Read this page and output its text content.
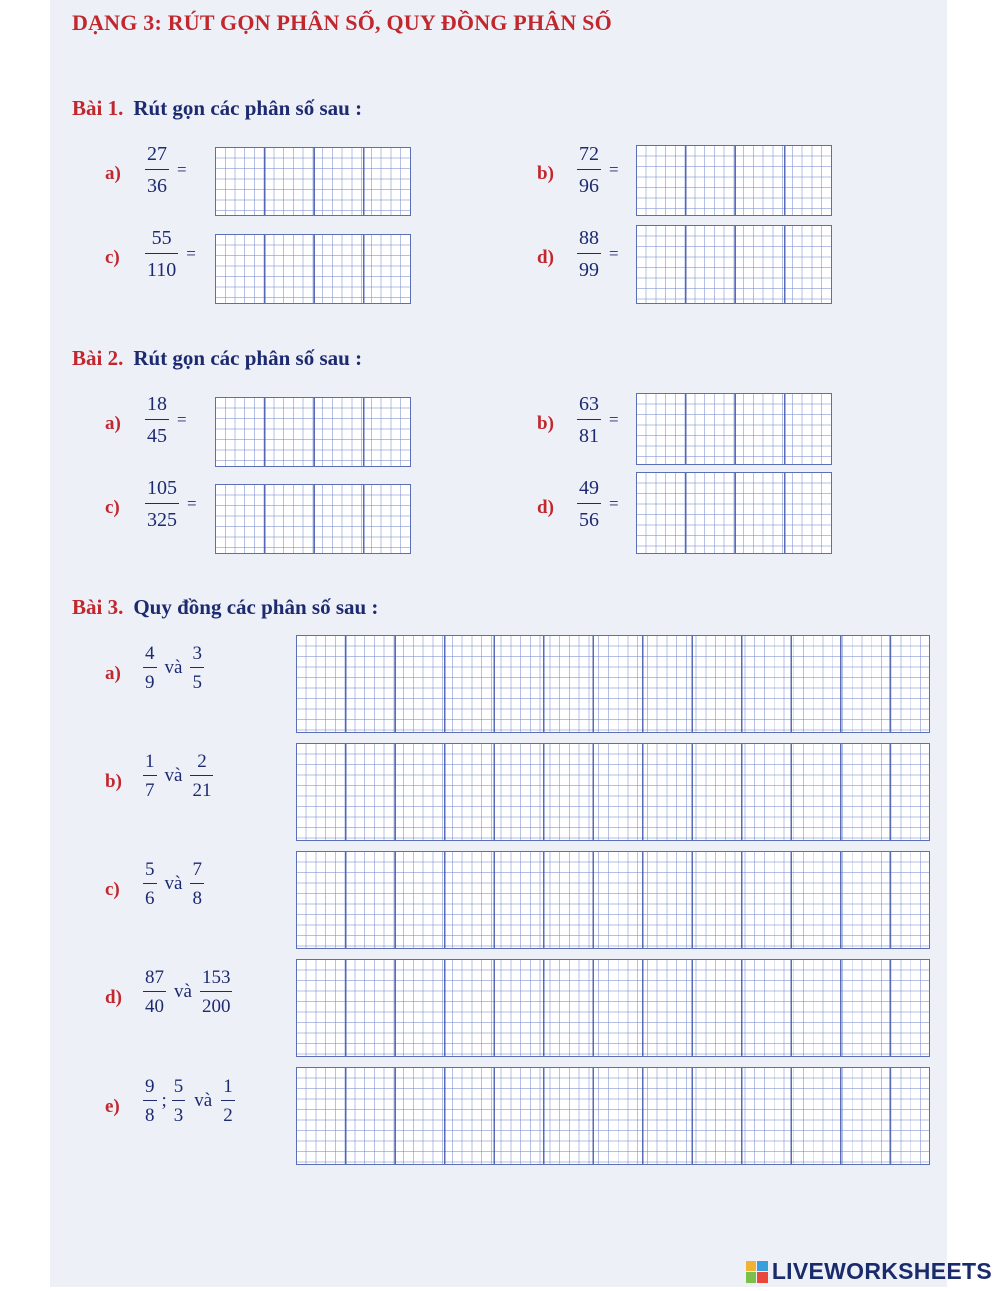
DẠNG 3: RÚT GỌN PHÂN SỐ, QUY ĐỒNG PHÂN SỐ
Bài 1. Rút gọn các phân số sau :
$a) \frac{27}{36}$ =	$b) \frac{72}{96}$ =
$c) \frac{55}{110}$ =	$d) \frac{88}{99}$ =
Bài 2. Rút gọn các phân số sau :
$a) \frac{18}{45}$ =	$b) \frac{63}{81}$ =
$c) \frac{105}{325}$ =	$d) \frac{49}{56}$ =
Bài 3. Quy đồng các phân số sau :
$a) \frac{4}{9}$ và $\frac{3}{5}$
$b) \frac{1}{7}$ và $\frac{2}{21}$
$c) \frac{5}{6}$ và $\frac{7}{8}$
$d) \frac{87}{40}$ và $\frac{153}{200}$
$e) \frac{9}{8}$ ; $\frac{5}{3}$ và $\frac{1}{2}$
LIVEWORKSHEETS
